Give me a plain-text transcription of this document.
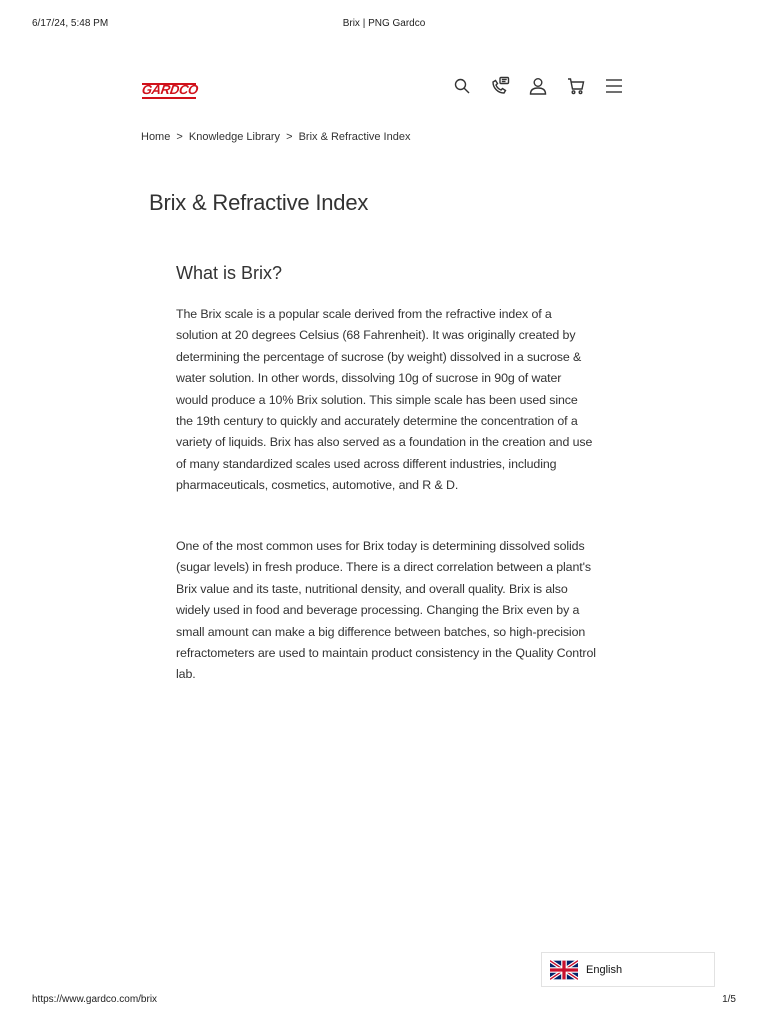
6/17/24, 5:48 PM	Brix | PNG Gardco
GARDCO
Home > Knowledge Library > Brix & Refractive Index
Brix & Refractive Index
What is Brix?

The Brix scale is a popular scale derived from the refractive index of a solution at 20 degrees Celsius (68 Fahrenheit). It was originally created by determining the percentage of sucrose (by weight) dissolved in a sucrose & water solution. In other words, dissolving 10g of sucrose in 90g of water would produce a 10% Brix solution. This simple scale has been used since the 19th century to quickly and accurately determine the concentration of a variety of liquids. Brix has also served as a foundation in the creation and use of many standardized scales used across different industries, including pharmaceuticals, cosmetics, automotive, and R & D.

One of the most common uses for Brix today is determining dissolved solids (sugar levels) in fresh produce. There is a direct correlation between a plant's Brix value and its taste, nutritional density, and overall quality. Brix is also widely used in food and beverage processing. Changing the Brix even by a small amount can make a big difference between batches, so high-precision refractometers are used to maintain product consistency in the Quality Control lab.

English
https://www.gardco.com/brix	1/5
